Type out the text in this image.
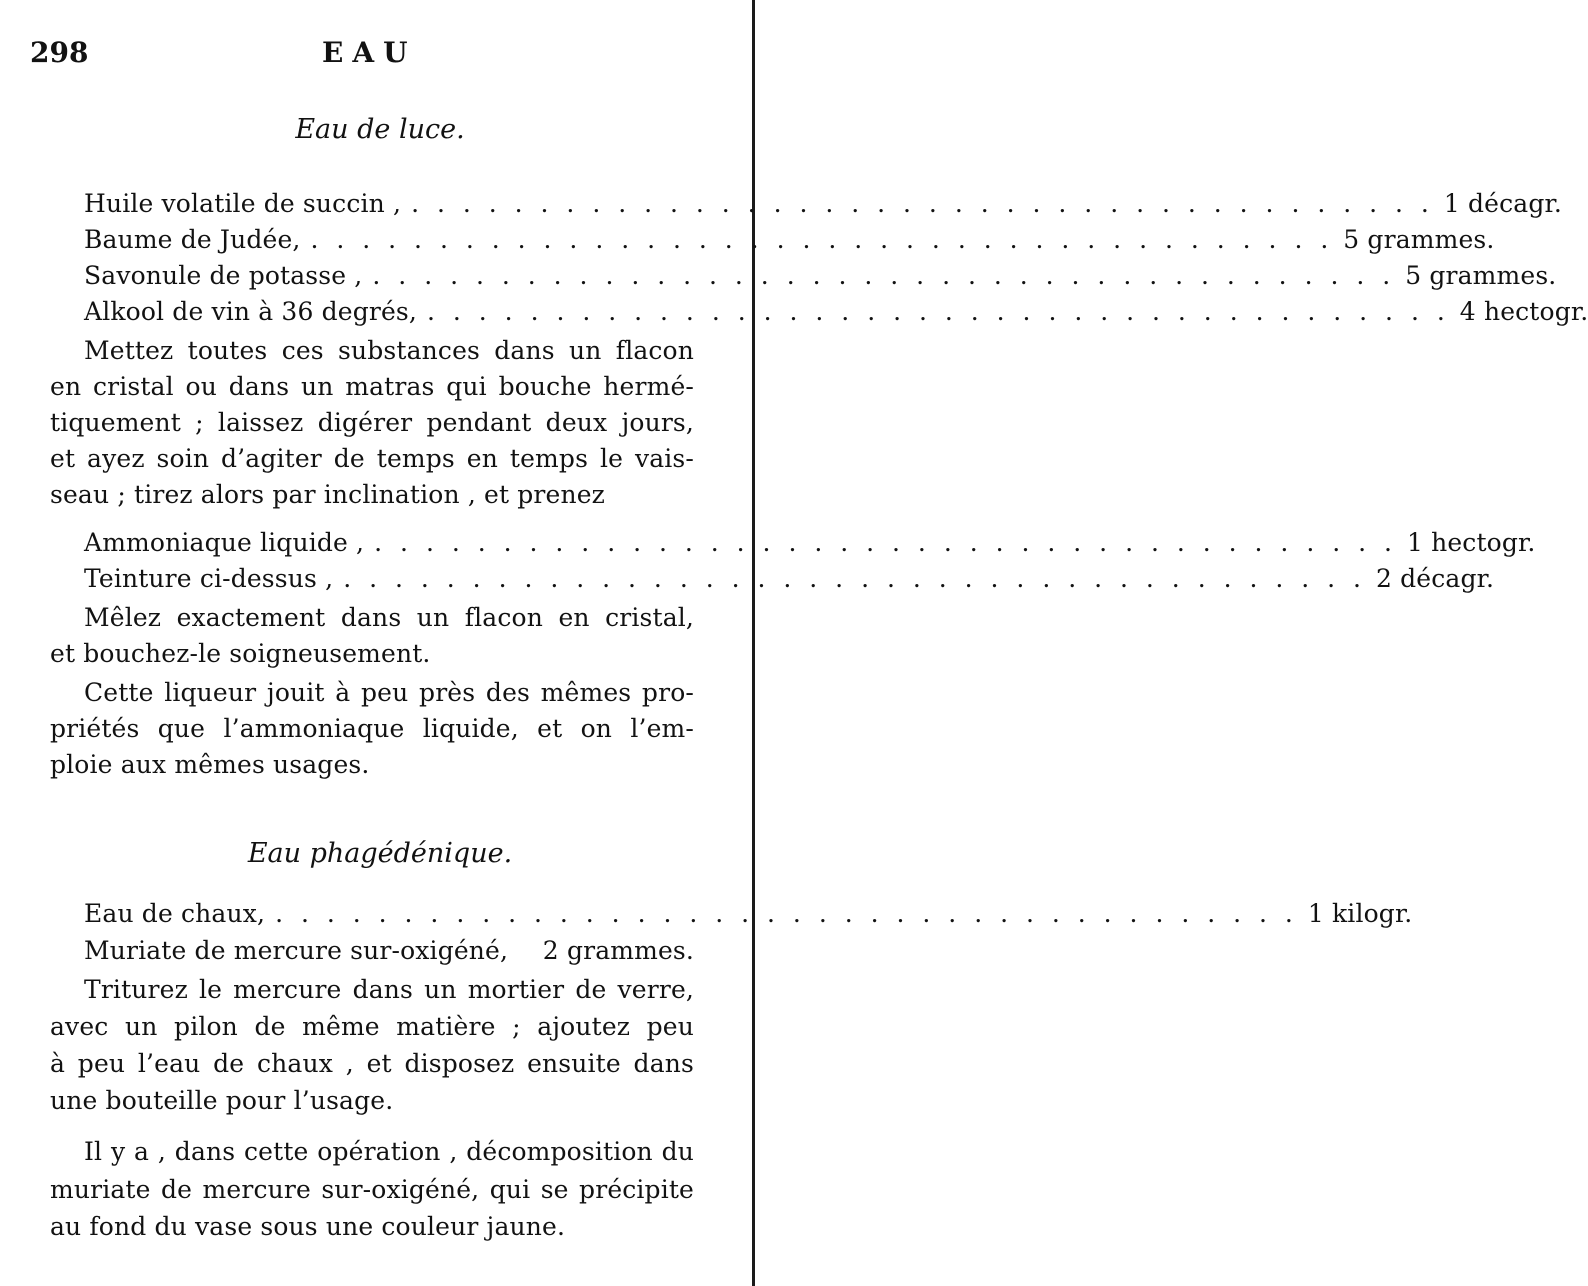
298	EAU
Eau de luce.
Huile volatile de succin , . . . . . . . . . . . . . . . . . . . . . . . . . . . . . . . . . . . . . . . . 1 décagr.
Baume de Judée, . . . . . . . . . . . . . . . . . . . . . . . . . . . . . . . . . . . . . . . . 5 grammes.
Savonule de potasse , . . . . . . . . . . . . . . . . . . . . . . . . . . . . . . . . . . . . . . . . 5 grammes.
Alkool de vin à 36 degrés, . . . . . . . . . . . . . . . . . . . . . . . . . . . . . . . . . . . . . . . . 4 hectogr.
Mettez toutes ces substances dans un flacon
en cristal ou dans un matras qui bouche hermé-
tiquement ; laissez digérer pendant deux jours,
et ayez soin d’agiter de temps en temps le vais-
seau ; tirez alors par inclination , et prenez
Ammoniaque liquide , . . . . . . . . . . . . . . . . . . . . . . . . . . . . . . . . . . . . . . . . 1 hectogr.
Teinture ci-dessus , . . . . . . . . . . . . . . . . . . . . . . . . . . . . . . . . . . . . . . . . 2 décagr.
Mêlez exactement dans un flacon en cristal,
et bouchez-le soigneusement.
Cette liqueur jouit à peu près des mêmes pro-
priétés que l’ammoniaque liquide, et on l’em-
ploie aux mêmes usages.
Eau phagédénique.
Eau de chaux, . . . . . . . . . . . . . . . . . . . . . . . . . . . . . . . . . . . . . . . . 1 kilogr.
Muriate de mercure sur-oxigéné, 2 grammes.
Triturez le mercure dans un mortier de verre,
avec un pilon de même matière ; ajoutez peu
à peu l’eau de chaux , et disposez ensuite dans
une bouteille pour l’usage.
Il y a , dans cette opération , décomposition du
muriate de mercure sur-oxigéné, qui se précipite
au fond du vase sous une couleur jaune.
